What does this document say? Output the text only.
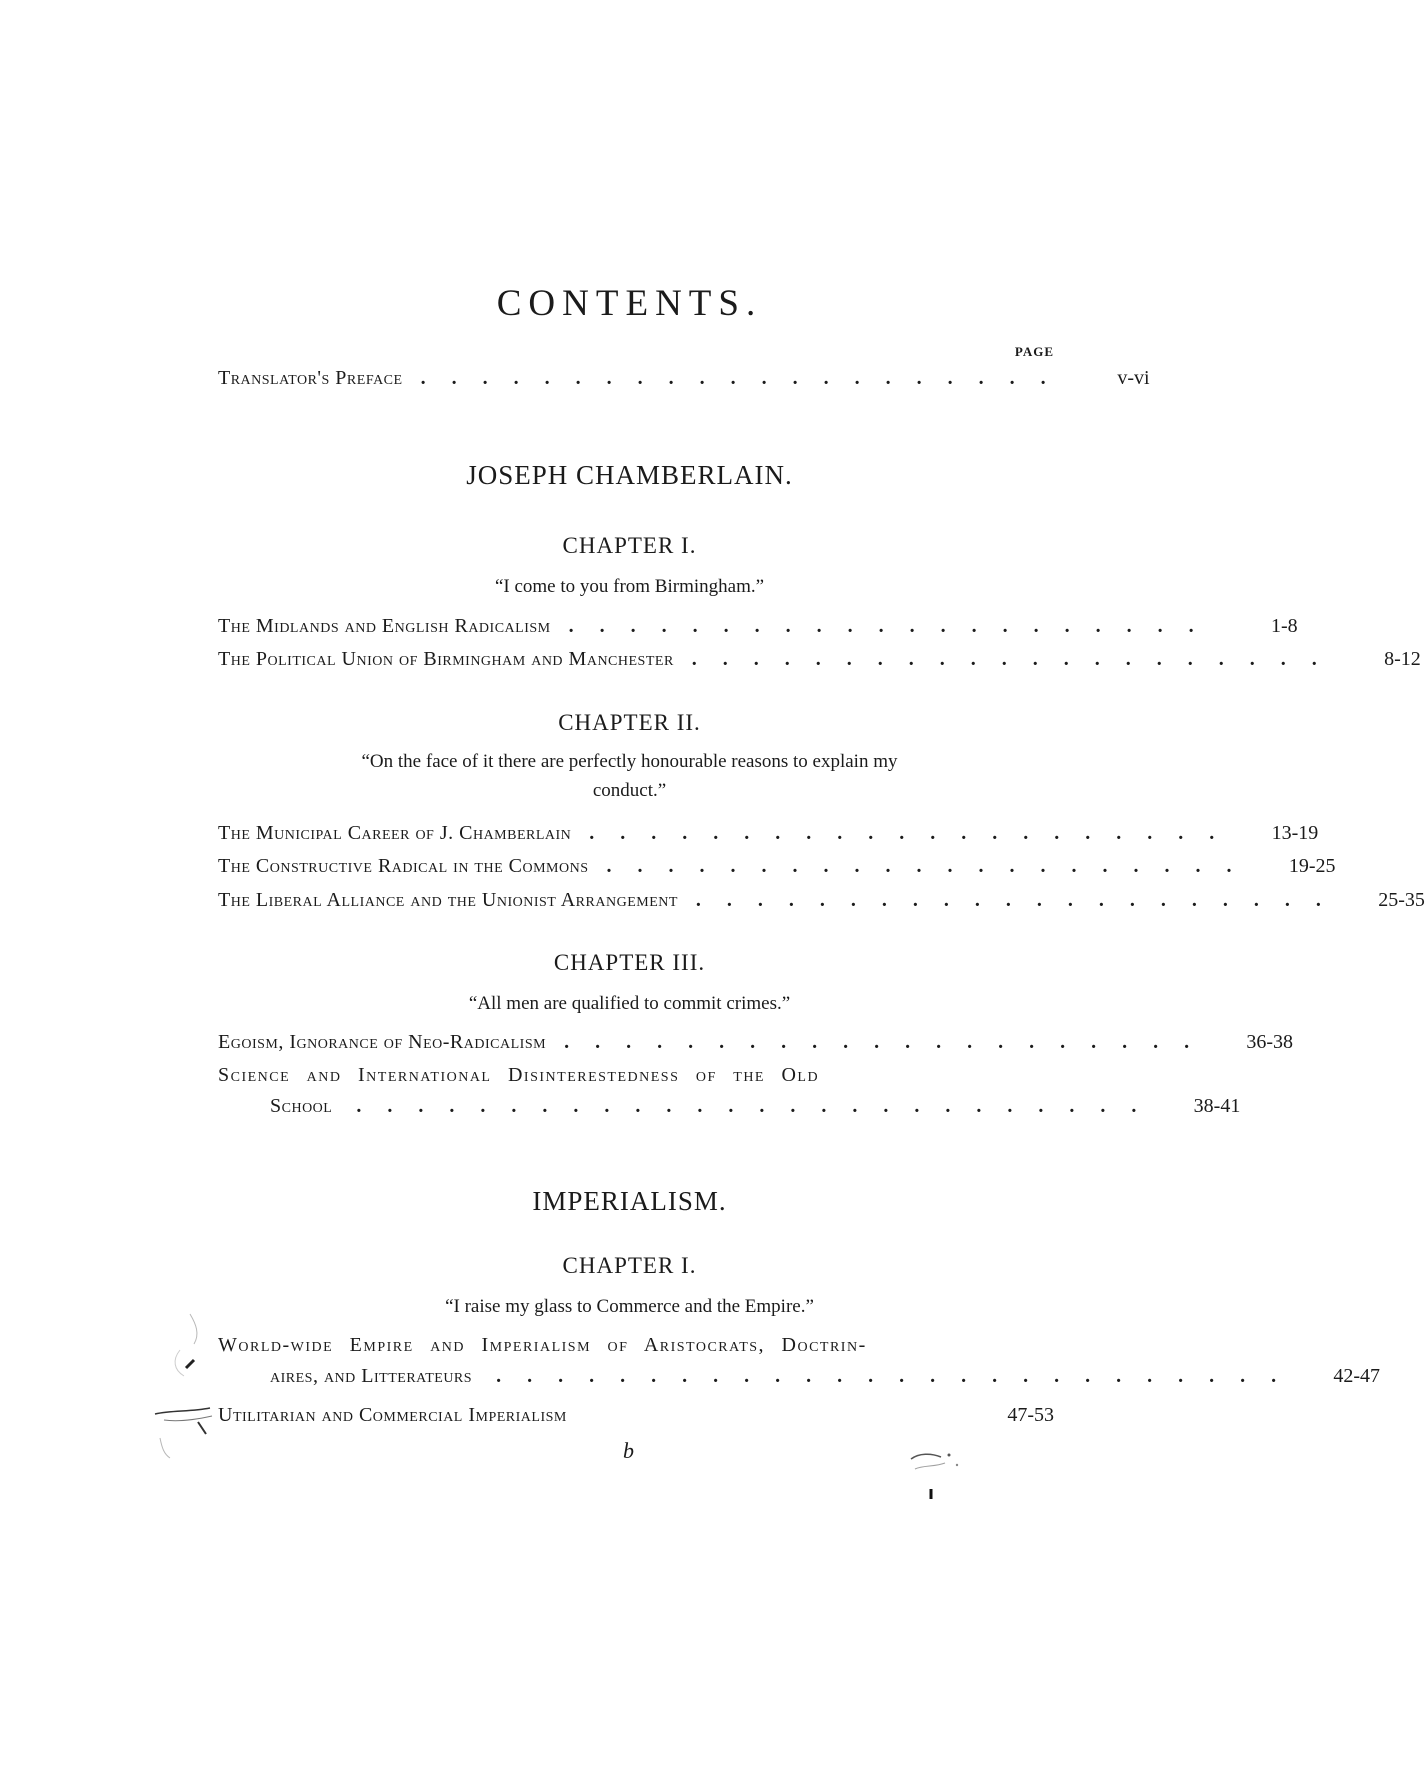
CONTENTS.
PAGE
Translator's Preface .....................	v-vi
JOSEPH CHAMBERLAIN.
CHAPTER I.
“I come to you from Birmingham.”
The Midlands and English Radicalism .....................	1-8
The Political Union of Birmingham and Manchester .....................	8-12
CHAPTER II.
“On the face of it there are perfectly honourable reasons to explain my
conduct.”
The Municipal Career of J. Chamberlain .....................	13-19
The Constructive Radical in the Commons .....................	19-25
The Liberal Alliance and the Unionist Arrangement .....................	25-35
CHAPTER III.
“All men are qualified to commit crimes.”
Egoism, Ignorance of Neo-Radicalism .....................	36-38
Science and International Disinterestedness of the Old
School	..........................	38-41
IMPERIALISM.
CHAPTER I.
“I raise my glass to Commerce and the Empire.”
World-wide Empire and Imperialism of Aristocrats, Doctrin-
aires, and Litterateurs	..........................	42-47
Utilitarian and Commercial Imperialism	47-53
b
